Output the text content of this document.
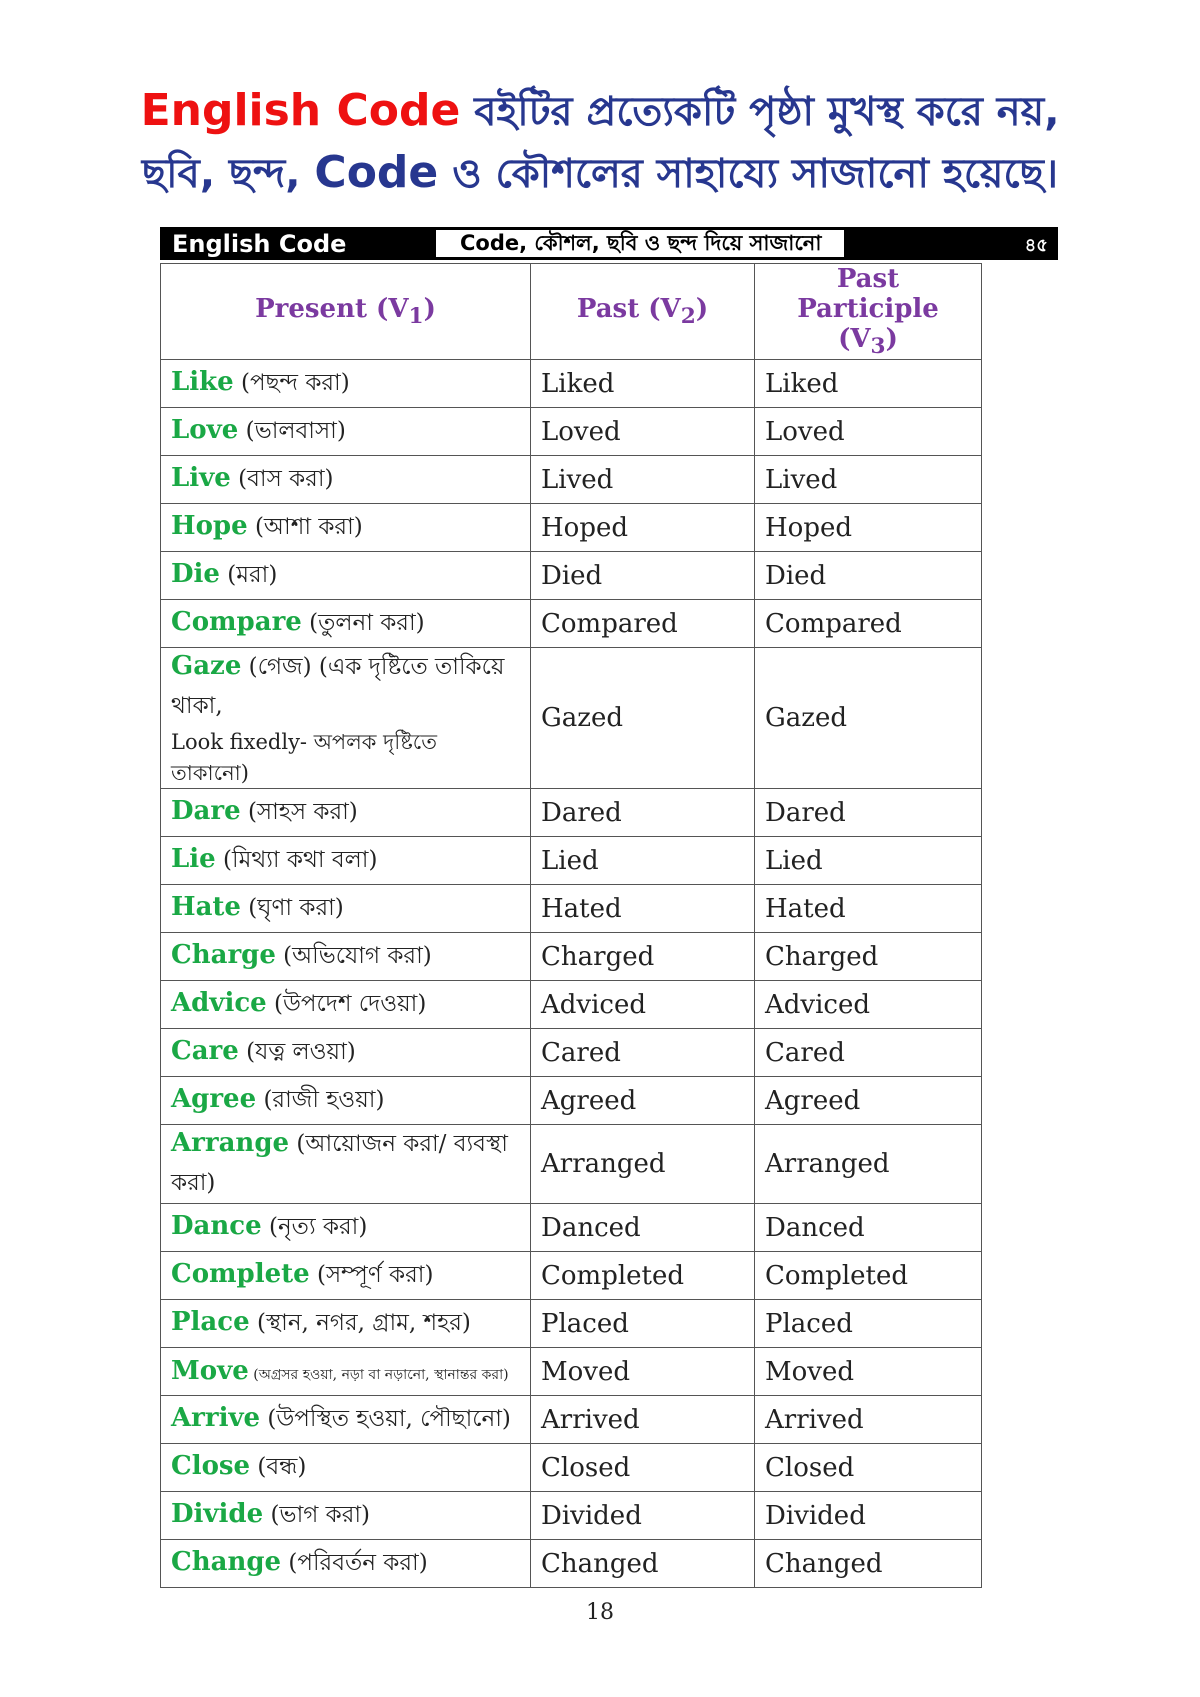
English Code বইটির প্রত্যেকটি পৃষ্ঠা মুখস্থ করে নয়,
ছবি, ছন্দ, Code ও কৌশলের সাহায্যে সাজানো হয়েছে।
English Code	Code, কৌশল, ছবি ও ছন্দ দিয়ে সাজানো	৪৫
Present $(V_1)$	Past $(V_2)$	Past Participle $(V_3)$
Like (পছন্দ করা)	Liked	Liked
Love (ভালবাসা)	Loved	Loved
Live (বাস করা)	Lived	Lived
Hope (আশা করা)	Hoped	Hoped
Die (মরা)	Died	Died
Compare (তুলনা করা)	Compared	Compared
Gaze (গেজ) (এক দৃষ্টিতে তাকিয়ে থাকা,
Look fixedly- অপলক দৃষ্টিতে তাকানো)	Gazed	Gazed
Dare (সাহস করা)	Dared	Dared
Lie (মিথ্যা কথা বলা)	Lied	Lied
Hate (ঘৃণা করা)	Hated	Hated
Charge (অভিযোগ করা)	Charged	Charged
Advice (উপদেশ দেওয়া)	Adviced	Adviced
Care (যত্ন লওয়া)	Cared	Cared
Agree (রাজী হওয়া)	Agreed	Agreed
Arrange (আয়োজন করা/ ব্যবস্থা করা)	Arranged	Arranged
Dance (নৃত্য করা)	Danced	Danced
Complete (সম্পূর্ণ করা)	Completed	Completed
Place (স্থান, নগর, গ্রাম, শহর)	Placed	Placed
Move (অগ্রসর হওয়া, নড়া বা নড়ানো, স্থানান্তর করা)	Moved	Moved
Arrive (উপস্থিত হওয়া, পৌছানো)	Arrived	Arrived
Close (বন্ধ)	Closed	Closed
Divide (ভাগ করা)	Divided	Divided
Change (পরিবর্তন করা)	Changed	Changed
18
